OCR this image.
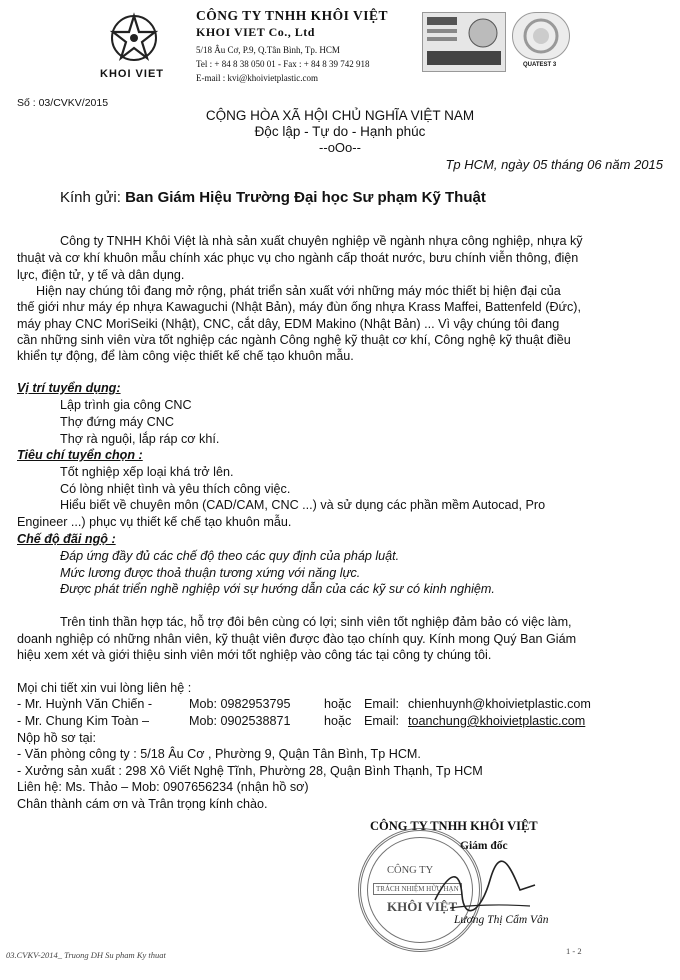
KHOI VIET
CÔNG TY TNHH KHÔI VIỆT
KHOI VIET Co., Ltd
5/18 Âu Cơ, P.9, Q.Tân Bình, Tp. HCM
Tel : + 84 8 38 050 01 - Fax : + 84 8 39 742 918
E-mail : kvi@khoivietplastic.com
QUATEST 3
Số : 03/CVKV/2015
CỘNG HÒA XÃ HỘI CHỦ NGHĨA VIỆT NAM
Độc lập - Tự do - Hạnh phúc
--oOo--
Tp HCM, ngày 05 tháng 06 năm 2015
Kính gửi: Ban Giám Hiệu Trường Đại học Sư phạm Kỹ Thuật
Công ty TNHH Khôi Việt là nhà sản xuất chuyên nghiệp về ngành nhựa công nghiệp, nhựa kỹ
thuật và cơ khí khuôn mẫu chính xác phục vụ cho ngành cấp thoát nước, bưu chính viễn thông, điện
lực, điện tử, y tế và dân dụng.
Hiện nay chúng tôi đang mở rộng, phát triển sản xuất với những máy móc thiết bị hiện đại của
thế giới như máy ép nhựa Kawaguchi (Nhật Bản), máy đùn ống nhựa Krass Maffei, Battenfeld (Đức),
máy phay CNC MoriSeiki (Nhật), CNC, cắt dây, EDM Makino (Nhật Bản) ... Vì vậy chúng tôi đang
cần những sinh viên vừa tốt nghiệp các ngành Công nghệ kỹ thuật cơ khí, Công nghệ kỹ thuật điều
khiển tự động, để làm công việc thiết kế chế tạo khuôn mẫu.
Vị trí tuyển dụng:
Lập trình gia công CNC
Thợ đứng máy CNC
Thợ rà nguội, lắp ráp cơ khí.
Tiêu chí tuyển chọn :
Tốt nghiệp xếp loại khá trở lên.
Có lòng nhiệt tình và yêu thích công việc.
Hiểu biết về chuyên môn (CAD/CAM, CNC ...) và sử dụng các phần mềm Autocad, Pro
Engineer ...) phục vụ thiết kế chế tạo khuôn mẫu.
Chế độ đãi ngộ :
Đáp ứng đầy đủ các chế độ theo các quy định của pháp luật.
Mức lương được thoả thuận tương xứng với năng lực.
Được phát triển nghề nghiệp với sự hướng dẫn của các kỹ sư có kinh nghiệm.
Trên tinh thần hợp tác, hỗ trợ đôi bên cùng có lợi; sinh viên tốt nghiệp đảm bảo có việc làm,
doanh nghiệp có những nhân viên, kỹ thuật viên được đào tạo chính quy. Kính mong Quý Ban Giám
hiệu xem xét và giới thiệu sinh viên mới tốt nghiệp vào công tác tại công ty chúng tôi.
Mọi chi tiết xin vui lòng liên hệ :
- Mr. Huỳnh Văn Chiến -	Mob: 0982953795	hoặc Email: chienhuynh@khoivietplastic.com
- Mr. Chung Kim Toàn –	Mob: 0902538871	hoặc Email: toanchung@khoivietplastic.com
Nộp hồ sơ tại:
- Văn phòng công ty : 5/18 Âu Cơ , Phường 9, Quận Tân Bình, Tp HCM.
- Xưởng sản xuất : 298 Xô Viết Nghệ Tĩnh, Phường 28, Quận Bình Thạnh, Tp HCM
Liên hệ: Ms. Thảo – Mob: 0907656234 (nhận hồ sơ)
Chân thành cám ơn và Trân trọng kính chào.
CÔNG TY TNHH KHÔI VIỆT
Giám đốc
CÔNG TY
TRÁCH NHIỆM HỮU HẠN
KHÔI VIỆT
Lương Thị Cẩm Vân
03.CVKV-2014_ Truong DH Su pham Ky thuat	1 - 2
